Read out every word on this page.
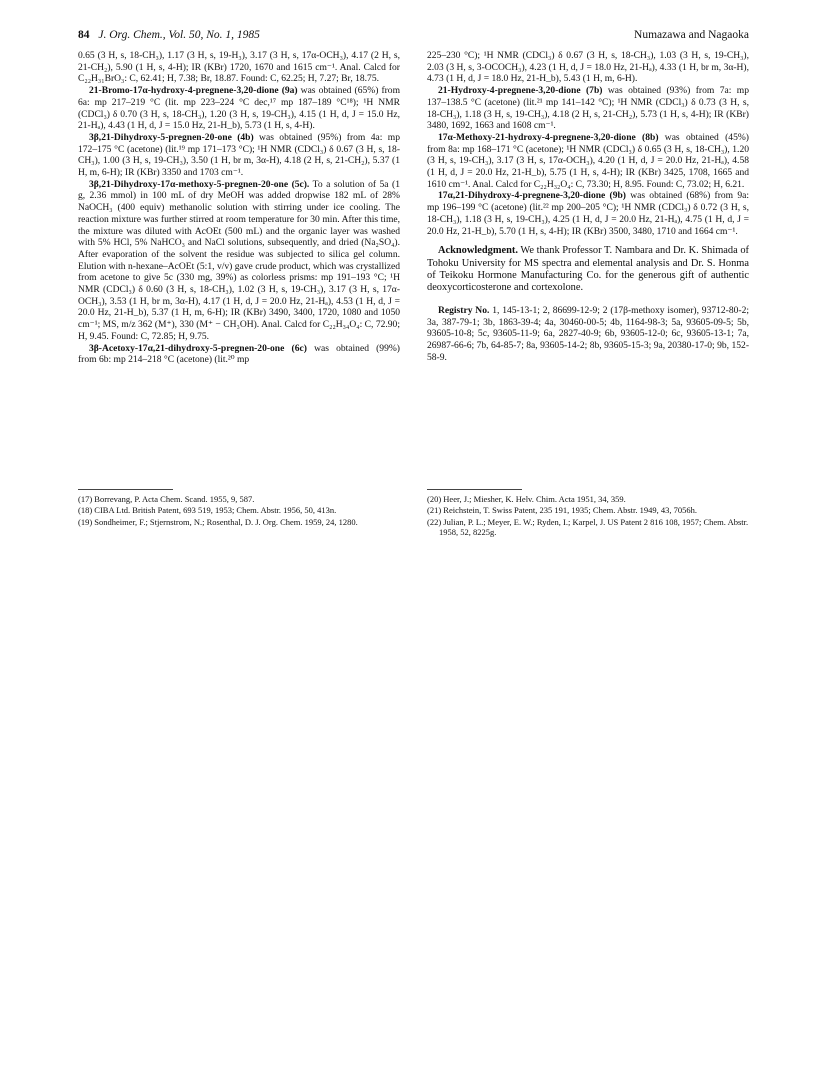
84 J. Org. Chem., Vol. 50, No. 1, 1985	Numazawa and Nagaoka

0.65 (3 H, s, 18-CH₃), 1.17 (3 H, s, 19-H₃), 3.17 (3 H, s, 17α-OCH₃), 4.17 (2 H, s, 21-CH₂), 5.90 (1 H, s, 4-H); IR (KBr) 1720, 1670 and 1615 cm⁻¹. Anal. Calcd for C₂₂H₃₁BrO₃: C, 62.41; H, 7.38; Br, 18.87. Found: C, 62.25; H, 7.27; Br, 18.75.

21-Bromo-17α-hydroxy-4-pregnene-3,20-dione (9a) was obtained (65%) from 6a: mp 217–219 °C (lit. mp 223–224 °C dec,¹⁷ mp 187–189 °C¹⁸); ¹H NMR (CDCl₃) δ 0.70 (3 H, s, 18-CH₃), 1.20 (3 H, s, 19-CH₃), 4.15 (1 H, d, J = 15.0 Hz, 21-Hₐ), 4.43 (1 H, d, J = 15.0 Hz, 21-H_b), 5.73 (1 H, s, 4-H).

3β,21-Dihydroxy-5-pregnen-20-one (4b) was obtained (95%) from 4a: mp 172–175 °C (acetone) (lit.¹⁹ mp 171–173 °C); ¹H NMR (CDCl₃) δ 0.67 (3 H, s, 18-CH₃), 1.00 (3 H, s, 19-CH₃), 3.50 (1 H, br m, 3α-H), 4.18 (2 H, s, 21-CH₂), 5.37 (1 H, m, 6-H); IR (KBr) 3350 and 1703 cm⁻¹.

3β,21-Dihydroxy-17α-methoxy-5-pregnen-20-one (5c). To a solution of 5a (1 g, 2.36 mmol) in 100 mL of dry MeOH was added dropwise 182 mL of 28% NaOCH₃ (400 equiv) methanolic solution with stirring under ice cooling. The reaction mixture was further stirred at room temperature for 30 min. After this time, the mixture was diluted with AcOEt (500 mL) and the organic layer was washed with 5% HCl, 5% NaHCO₃ and NaCl solutions, subsequently, and dried (Na₂SO₄). After evaporation of the solvent the residue was subjected to silica gel column. Elution with n-hexane–AcOEt (5:1, v/v) gave crude product, which was crystallized from acetone to give 5c (330 mg, 39%) as colorless prisms: mp 191–193 °C; ¹H NMR (CDCl₃) δ 0.60 (3 H, s, 18-CH₃), 1.02 (3 H, s, 19-CH₃), 3.17 (3 H, s, 17α-OCH₃), 3.53 (1 H, br m, 3α-H), 4.17 (1 H, d, J = 20.0 Hz, 21-Hₐ), 4.53 (1 H, d, J = 20.0 Hz, 21-H_b), 5.37 (1 H, m, 6-H); IR (KBr) 3490, 3400, 1720, 1080 and 1050 cm⁻¹; MS, m/z 362 (M⁺), 330 (M⁺ − CH₃OH). Anal. Calcd for C₂₂H₃₄O₄: C, 72.90; H, 9.45. Found: C, 72.85; H, 9.75.

3β-Acetoxy-17α,21-dihydroxy-5-pregnen-20-one (6c) was obtained (99%) from 6b: mp 214–218 °C (acetone) (lit.²⁰ mp

225–230 °C); ¹H NMR (CDCl₃) δ 0.67 (3 H, s, 18-CH₃), 1.03 (3 H, s, 19-CH₃), 2.03 (3 H, s, 3-OCOCH₃), 4.23 (1 H, d, J = 18.0 Hz, 21-Hₐ), 4.33 (1 H, br m, 3α-H), 4.73 (1 H, d, J = 18.0 Hz, 21-H_b), 5.43 (1 H, m, 6-H).

21-Hydroxy-4-pregnene-3,20-dione (7b) was obtained (93%) from 7a: mp 137–138.5 °C (acetone) (lit.²¹ mp 141–142 °C); ¹H NMR (CDCl₃) δ 0.73 (3 H, s, 18-CH₃), 1.18 (3 H, s, 19-CH₃), 4.18 (2 H, s, 21-CH₂), 5.73 (1 H, s, 4-H); IR (KBr) 3480, 1692, 1663 and 1608 cm⁻¹.

17α-Methoxy-21-hydroxy-4-pregnene-3,20-dione (8b) was obtained (45%) from 8a: mp 168–171 °C (acetone); ¹H NMR (CDCl₃) δ 0.65 (3 H, s, 18-CH₃), 1.20 (3 H, s, 19-CH₃), 3.17 (3 H, s, 17α-OCH₃), 4.20 (1 H, d, J = 20.0 Hz, 21-Hₐ), 4.58 (1 H, d, J = 20.0 Hz, 21-H_b), 5.75 (1 H, s, 4-H); IR (KBr) 3425, 1708, 1665 and 1610 cm⁻¹. Anal. Calcd for C₂₂H₃₂O₄: C, 73.30; H, 8.95. Found: C, 73.02; H, 6.21.

17α,21-Dihydroxy-4-pregnene-3,20-dione (9b) was obtained (68%) from 9a: mp 196–199 °C (acetone) (lit.²² mp 200–205 °C); ¹H NMR (CDCl₃) δ 0.72 (3 H, s, 18-CH₃), 1.18 (3 H, s, 19-CH₃), 4.25 (1 H, d, J = 20.0 Hz, 21-Hₐ), 4.75 (1 H, d, J = 20.0 Hz, 21-H_b), 5.70 (1 H, s, 4-H); IR (KBr) 3500, 3480, 1710 and 1664 cm⁻¹.

Acknowledgment. We thank Professor T. Nambara and Dr. K. Shimada of Tohoku University for MS spectra and elemental analysis and Dr. S. Honma of Teikoku Hormone Manufacturing Co. for the generous gift of authentic deoxycorticosterone and cortexolone.

Registry No. 1, 145-13-1; 2, 86699-12-9; 2 (17β-methoxy isomer), 93712-80-2; 3a, 387-79-1; 3b, 1863-39-4; 4a, 30460-00-5; 4b, 1164-98-3; 5a, 93605-09-5; 5b, 93605-10-8; 5c, 93605-11-9; 6a, 2827-40-9; 6b, 93605-12-0; 6c, 93605-13-1; 7a, 26987-66-6; 7b, 64-85-7; 8a, 93605-14-2; 8b, 93605-15-3; 9a, 20380-17-0; 9b, 152-58-9.

(17) Borrevang, P. Acta Chem. Scand. 1955, 9, 587.

(18) CIBA Ltd. British Patent, 693 519, 1953; Chem. Abstr. 1956, 50, 413n.

(19) Sondheimer, F.; Stjernstrom, N.; Rosenthal, D. J. Org. Chem. 1959, 24, 1280.

(20) Heer, J.; Miesher, K. Helv. Chim. Acta 1951, 34, 359.

(21) Reichstein, T. Swiss Patent, 235 191, 1935; Chem. Abstr. 1949, 43, 7056h.

(22) Julian, P. L.; Meyer, E. W.; Ryden, I.; Karpel, J. US Patent 2 816 108, 1957; Chem. Abstr. 1958, 52, 8225g.
